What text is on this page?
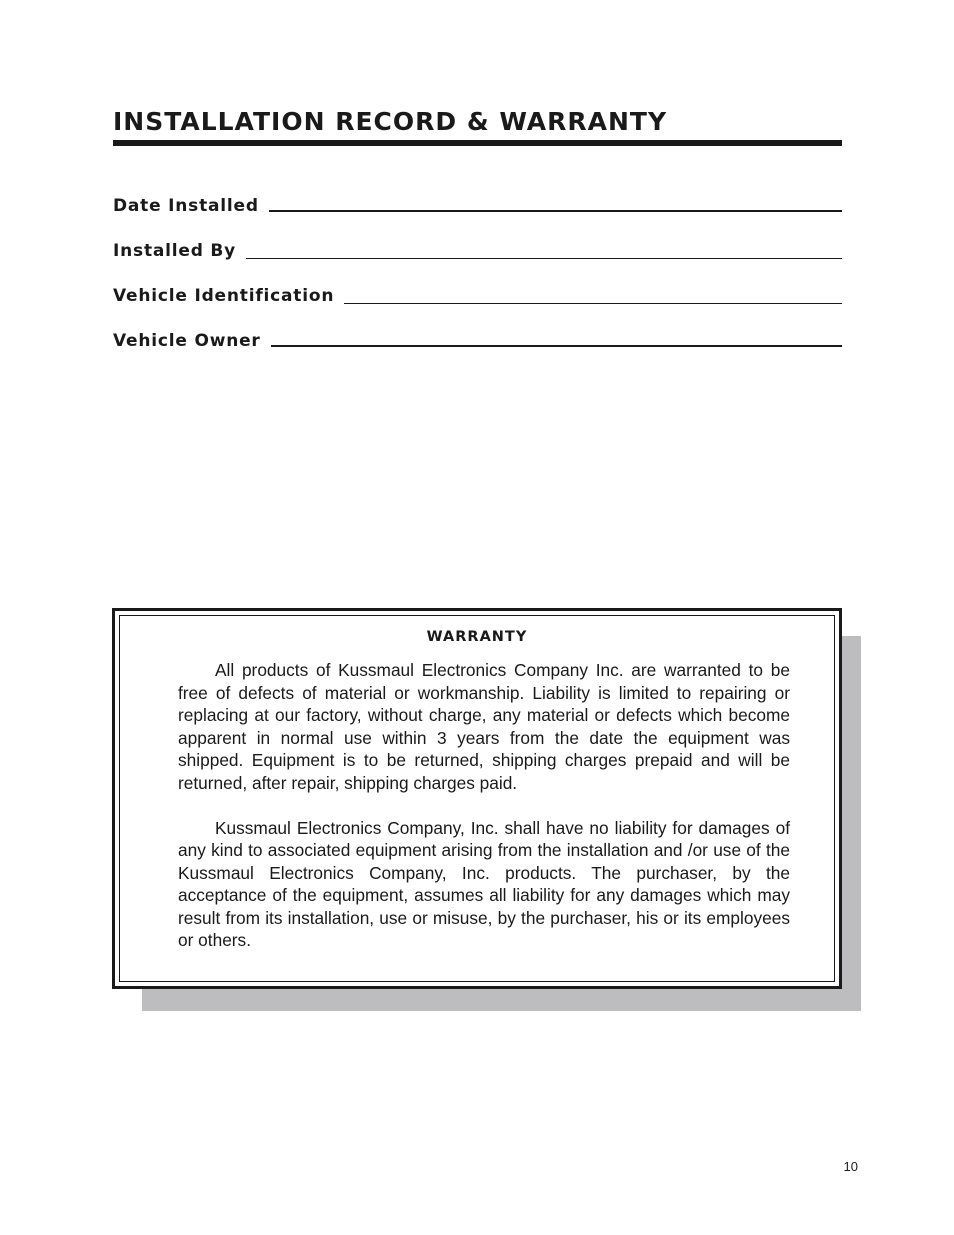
INSTALLATION RECORD & WARRANTY
Date Installed
Installed By
Vehicle Identification
Vehicle Owner
WARRANTY

All products of Kussmaul Electronics Company Inc. are warranted to be free of defects of material or workmanship. Liability is limited to repairing or replacing at our factory, without charge, any material or defects which become apparent in normal use within 3 years from the date the equipment was shipped. Equipment is to be returned, shipping charges prepaid and will be returned, after repair, shipping charges paid.

Kussmaul Electronics Company, Inc. shall have no liability for damages of any kind to associated equipment arising from the installation and /or use of the Kussmaul Electronics Company, Inc. products. The purchaser, by the acceptance of the equipment, assumes all liability for any damages which may result from its installation, use or misuse, by the purchaser, his or its employees or others.

10
